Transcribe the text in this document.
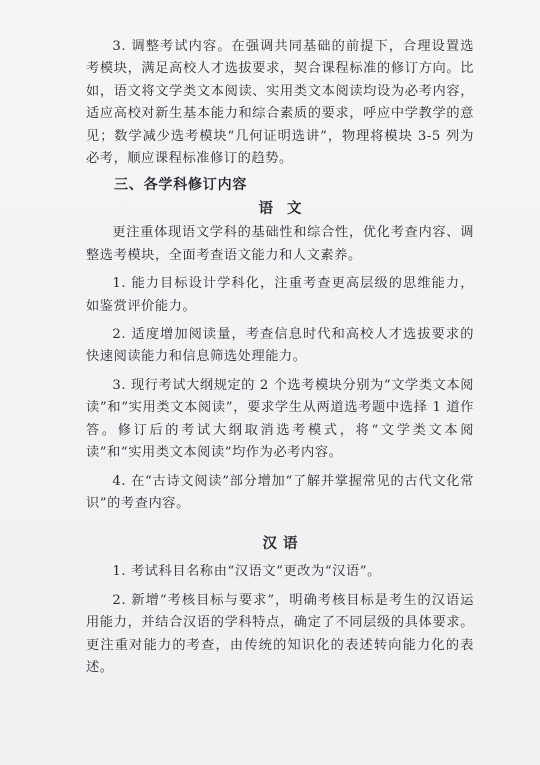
3. 调整考试内容。在强调共同基础的前提下，合理设置选考模块，满足高校人才选拔要求，契合课程标准的修订方向。比如，语文将文学类文本阅读、实用类文本阅读均设为必考内容，适应高校对新生基本能力和综合素质的要求，呼应中学教学的意见；数学减少选考模块“几何证明选讲”，物理将模块 3-5 列为必考，顺应课程标准修订的趋势。

三、各学科修订内容
语文

更注重体现语文学科的基础性和综合性，优化考查内容、调整选考模块，全面考查语文能力和人文素养。

1. 能力目标设计学科化，注重考查更高层级的思维能力，如鉴赏评价能力。

2. 适度增加阅读量，考查信息时代和高校人才选拔要求的快速阅读能力和信息筛选处理能力。

3. 现行考试大纲规定的 2 个选考模块分别为“文学类文本阅读”和“实用类文本阅读”，要求学生从两道选考题中选择 1 道作答。修订后的考试大纲取消选考模式，将“文学类文本阅读”和“实用类文本阅读”均作为必考内容。

4. 在“古诗文阅读”部分增加“了解并掌握常见的古代文化常识”的考查内容。

汉语

1. 考试科目名称由“汉语文”更改为“汉语”。

2. 新增“考核目标与要求”，明确考核目标是考生的汉语运用能力，并结合汉语的学科特点，确定了不同层级的具体要求。更注重对能力的考查，由传统的知识化的表述转向能力化的表述。
